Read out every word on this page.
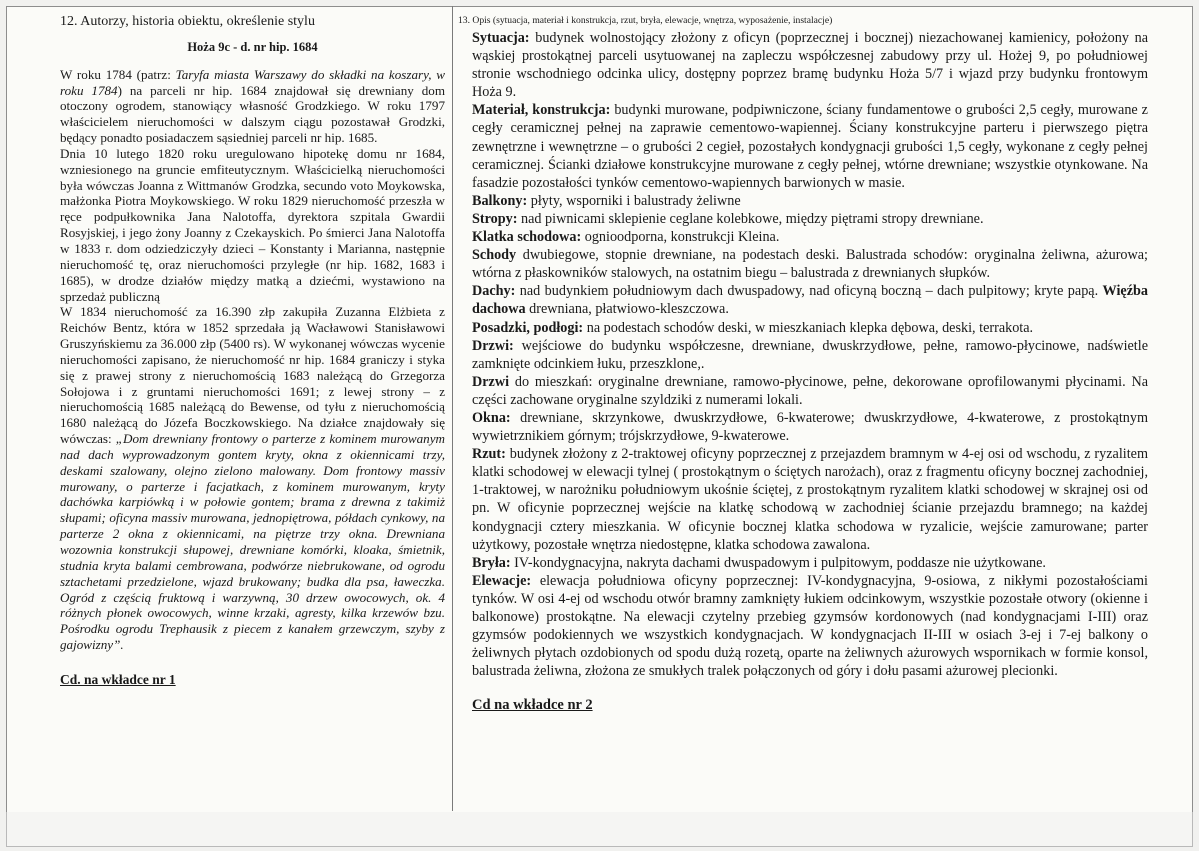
12. Autorzy, historia obiektu, określenie stylu
Hoża 9c - d. nr hip. 1684

W roku 1784 (patrz: Taryfa miasta Warszawy do składki na koszary, w roku 1784) na parceli nr hip. 1684 znajdował się drewniany dom otoczony ogrodem, stanowiący własność Grodzkiego. W roku 1797 właścicielem nieruchomości w dalszym ciągu pozostawał Grodzki, będący ponadto posiadaczem sąsiedniej parceli nr hip. 1685.

Dnia 10 lutego 1820 roku uregulowano hipotekę domu nr 1684, wzniesionego na gruncie emfiteutycznym. Właścicielką nieruchomości była wówczas Joanna z Wittmanów Grodzka, secundo voto Moykowska, małżonka Piotra Moykowskiego. W roku 1829 nieruchomość przeszła w ręce podpułkownika Jana Nalotoffa, dyrektora szpitala Gwardii Rosyjskiej, i jego żony Joanny z Czekayskich. Po śmierci Jana Nalotoffa w 1833 r. dom odziedziczyły dzieci – Konstanty i Marianna, następnie nieruchomość tę, oraz nieruchomości przyległe (nr hip. 1682, 1683 i 1685), w drodze działów między matką a dziećmi, wystawiono na sprzedaż publiczną

W 1834 nieruchomość za 16.390 złp zakupiła Zuzanna Elżbieta z Reichów Bentz, która w 1852 sprzedała ją Wacławowi Stanisławowi Gruszyńskiemu za 36.000 złp (5400 rs). W wykonanej wówczas wycenie nieruchomości zapisano, że nieruchomość nr hip. 1684 graniczy i styka się z prawej strony z nieruchomością 1683 należącą do Grzegorza Sołojowa i z gruntami nieruchomości 1691; z lewej strony – z nieruchomością 1685 należącą do Bewense, od tyłu z nieruchomością 1680 należącą do Józefa Boczkowskiego. Na działce znajdowały się wówczas: „Dom drewniany frontowy o parterze z kominem murowanym nad dach wyprowadzonym gontem kryty, okna z okiennicami trzy, deskami szalowany, olejno zielono malowany. Dom frontowy massiv murowany, o parterze i facjatkach, z kominem murowanym, kryty dachówka karpiówką i w połowie gontem; brama z drewna z takimiż słupami; oficyna massiv murowana, jednopiętrowa, półdach cynkowy, na parterze 2 okna z okiennicami, na piętrze trzy okna. Drewniana wozownia konstrukcji słupowej, drewniane komórki, kloaka, śmietnik, studnia kryta balami cembrowana, podwórze niebrukowane, od ogrodu sztachetami przedzielone, wjazd brukowany; budka dla psa, ławeczka. Ogród z częścią fruktową i warzywną, 30 drzew owocowych, ok. 4 różnych płonek owocowych, winne krzaki, agresty, kilka krzewów bzu. Pośrodku ogrodu Trephausik z piecem z kanałem grzewczym, szyby z gajowizny”.

Cd. na wkładce nr 1
13. Opis (sytuacja, materiał i konstrukcja, rzut, bryła, elewacje, wnętrza, wyposażenie, instalacje)

Sytuacja: budynek wolnostojący złożony z oficyn (poprzecznej i bocznej) niezachowanej kamienicy, położony na wąskiej prostokątnej parceli usytuowanej na zapleczu współczesnej zabudowy przy ul. Hożej 9, po południowej stronie wschodniego odcinka ulicy, dostępny poprzez bramę budynku Hoża 5/7 i wjazd przy budynku frontowym Hoża 9.

Materiał, konstrukcja: budynki murowane, podpiwniczone, ściany fundamentowe o grubości 2,5 cegły, murowane z cegły ceramicznej pełnej na zaprawie cementowo-wapiennej. Ściany konstrukcyjne parteru i pierwszego piętra zewnętrzne i wewnętrzne – o grubości 2 cegieł, pozostałych kondygnacji grubości 1,5 cegły, wykonane z cegły pełnej ceramicznej. Ścianki działowe konstrukcyjne murowane z cegły pełnej, wtórne drewniane; wszystkie otynkowane. Na fasadzie pozostałości tynków cementowo-wapiennych barwionych w masie.

Balkony: płyty, wsporniki i balustrady żeliwne

Stropy: nad piwnicami sklepienie ceglane kolebkowe, między piętrami stropy drewniane.

Klatka schodowa: ognioodporna, konstrukcji Kleina.

Schody dwubiegowe, stopnie drewniane, na podestach deski. Balustrada schodów: oryginalna żeliwna, ażurowa; wtórna z płaskowników stalowych, na ostatnim biegu – balustrada z drewnianych słupków.

Dachy: nad budynkiem południowym dach dwuspadowy, nad oficyną boczną – dach pulpitowy; kryte papą. Więźba dachowa drewniana, płatwiowo-kleszczowa.

Posadzki, podłogi: na podestach schodów deski, w mieszkaniach klepka dębowa, deski, terrakota.

Drzwi: wejściowe do budynku współczesne, drewniane, dwuskrzydłowe, pełne, ramowo-płycinowe, nadświetle zamknięte odcinkiem łuku, przeszklone,.

Drzwi do mieszkań: oryginalne drewniane, ramowo-płycinowe, pełne, dekorowane oprofilowanymi płycinami. Na części zachowane oryginalne szyldziki z numerami lokali.

Okna: drewniane, skrzynkowe, dwuskrzydłowe, 6-kwaterowe; dwuskrzydłowe, 4-kwaterowe, z prostokątnym wywietrznikiem górnym; trójskrzydłowe, 9-kwaterowe.

Rzut: budynek złożony z 2-traktowej oficyny poprzecznej z przejazdem bramnym w 4-ej osi od wschodu, z ryzalitem klatki schodowej w elewacji tylnej ( prostokątnym o ściętych narożach), oraz z fragmentu oficyny bocznej zachodniej, 1-traktowej, w narożniku południowym ukośnie ściętej, z prostokątnym ryzalitem klatki schodowej w skrajnej osi od pn. W oficynie poprzecznej wejście na klatkę schodową w zachodniej ścianie przejazdu bramnego; na każdej kondygnacji cztery mieszkania. W oficynie bocznej klatka schodowa w ryzalicie, wejście zamurowane; parter użytkowy, pozostałe wnętrza niedostępne, klatka schodowa zawalona.

Bryła: IV-kondygnacyjna, nakryta dachami dwuspadowym i pulpitowym, poddasze nie użytkowane.

Elewacje: elewacja południowa oficyny poprzecznej: IV-kondygnacyjna, 9-osiowa, z nikłymi pozostałościami tynków. W osi 4-ej od wschodu otwór bramny zamknięty łukiem odcinkowym, wszystkie pozostałe otwory (okienne i balkonowe) prostokątne. Na elewacji czytelny przebieg gzymsów kordonowych (nad kondygnacjami I-III) oraz gzymsów podokiennych we wszystkich kondygnacjach. W kondygnacjach II-III w osiach 3-ej i 7-ej balkony o żeliwnych płytach ozdobionych od spodu dużą rozetą, oparte na żeliwnych ażurowych wspornikach w formie konsol, balustrada żeliwna, złożona ze smukłych tralek połączonych od góry i dołu pasami ażurowej plecionki.

Cd na wkładce nr 2
